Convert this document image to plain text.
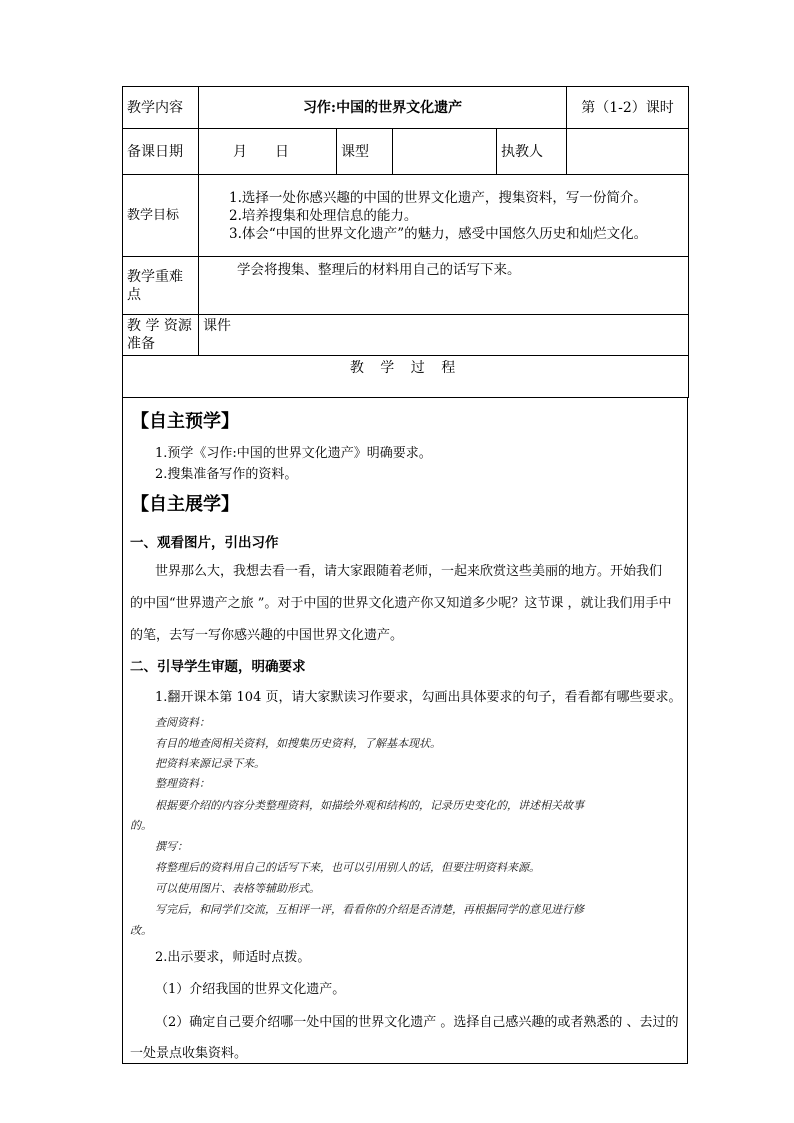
教学内容	习作:中国的世界文化遗产				第（1-2）课时
备课日期	月　　日	课型		执教人	
教学目标	1.选择一处你感兴趣的中国的世界文化遗产，搜集资料，写一份简介。
2.培养搜集和处理信息的能力。
3.体会“中国的世界文化遗产”的魅力，感受中国悠久历史和灿烂文化。				

教学重难点	学会将搜集、整理后的材料用自己的话写下来。				
教 学 资源准备	课件				
教 学 过 程					
【自主预学】
1.预学《习作:中国的世界文化遗产》明确要求。
2.搜集准备写作的资料。
【自主展学】
一、观看图片，引出习作
世界那么大，我想去看一看，请大家跟随着老师，一起来欣赏这些美丽的地方。开始我们
的中国“世界遗产之旅 ”。对于中国的世界文化遗产你又知道多少呢？这节课 ，就让我们用手中
的笔，去写一写你感兴趣的中国世界文化遗产。
二、引导学生审题，明确要求
1.翻开课本第 104 页，请大家默读习作要求，勾画出具体要求的句子，看看都有哪些要求。
查阅资料：
有目的地查阅相关资料，如搜集历史资料，了解基本现状。
把资料来源记录下来。
整理资料：
根据要介绍的内容分类整理资料，如描绘外观和结构的，记录历史变化的，讲述相关故事
的。
撰写：
将整理后的资料用自己的话写下来，也可以引用别人的话，但要注明资料来源。
可以使用图片、表格等辅助形式。
写完后，和同学们交流，互相评一评，看看你的介绍是否清楚，再根据同学的意见进行修
改。
2.出示要求，师适时点拨。
（1）介绍我国的世界文化遗产。
（2）确定自己要介绍哪一处中国的世界文化遗产 。选择自己感兴趣的或者熟悉的 、去过的
一处景点收集资料。
